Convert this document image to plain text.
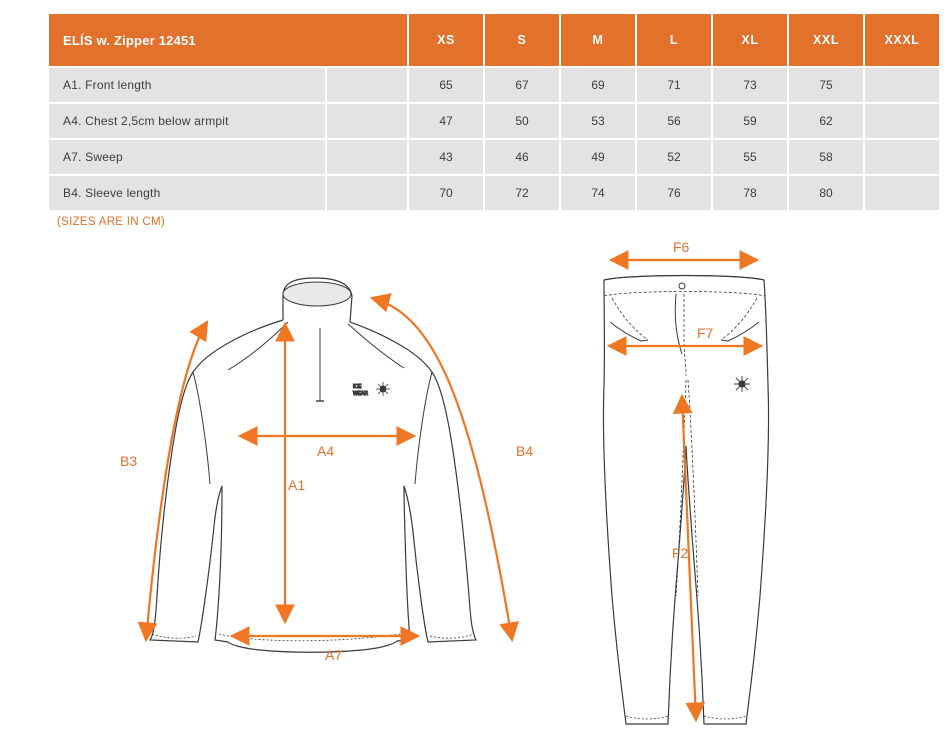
ELÍS w. Zipper 12451		XS	S	M	L	XL	XXL	XXXL
A1. Front length		65	67	69	71	73	75	
A4. Chest 2,5cm below armpit		47	50	53	56	59	62	
A7. Sweep		43	46	49	52	55	58	
B4. Sleeve length		70	72	74	76	78	80	
(SIZES ARE IN CM)
ICE
WEAR
B3
A4
A1
B4
A7
F6
F7
F2
